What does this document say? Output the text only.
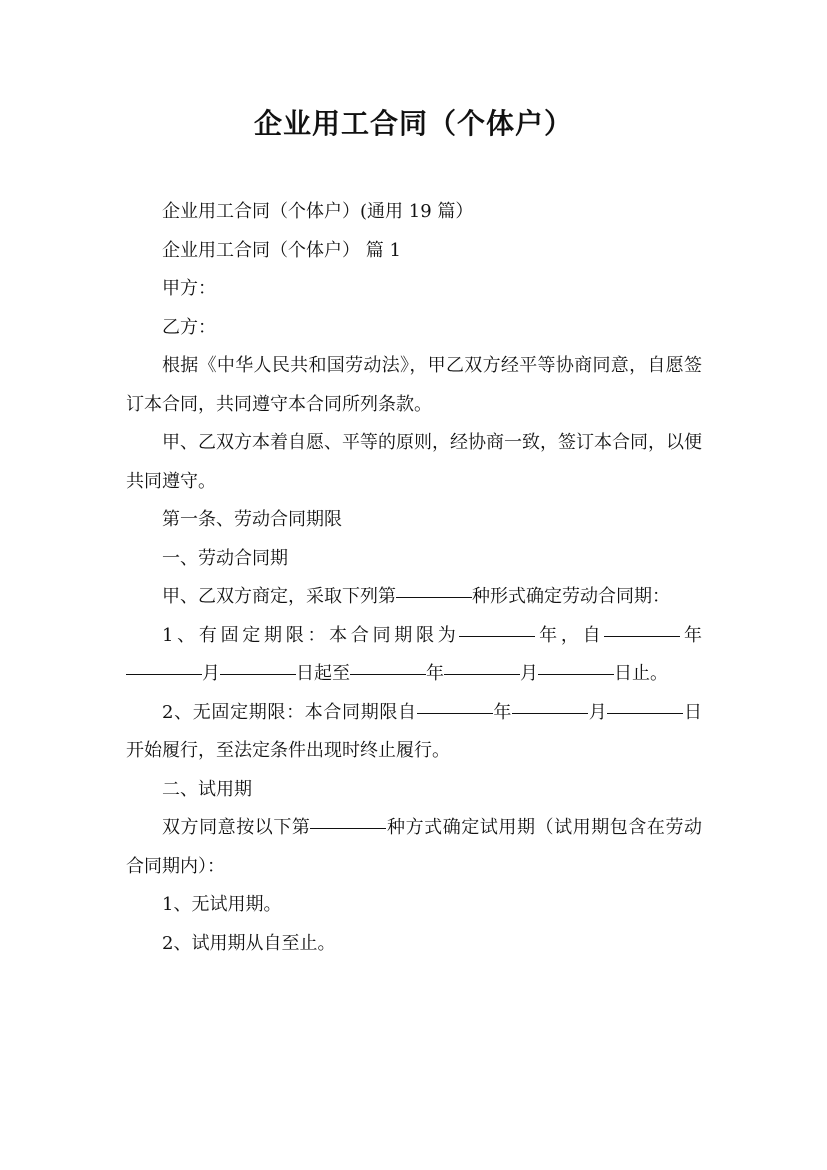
企业用工合同（个体户）

企业用工合同（个体户）(通用 19 篇）

企业用工合同（个体户） 篇 1

甲方：

乙方：

根据《中华人民共和国劳动法》，甲乙双方经平等协商同意，自愿签订本合同，共同遵守本合同所列条款。

甲、乙双方本着自愿、平等的原则，经协商一致，签订本合同，以便共同遵守。

第一条、劳动合同期限

一、劳动合同期

甲、乙双方商定，采取下列第	种形式确定劳动合同期：

1、有固定期限：本合同期限为	年，自	年月	日起至	年	月	日止。

2、无固定期限：本合同期限自	年	月	日开始履行，至法定条件出现时终止履行。

二、试用期

双方同意按以下第	种方式确定试用期（试用期包含在劳动合同期内）：

1、无试用期。

2、试用期从自至止。
